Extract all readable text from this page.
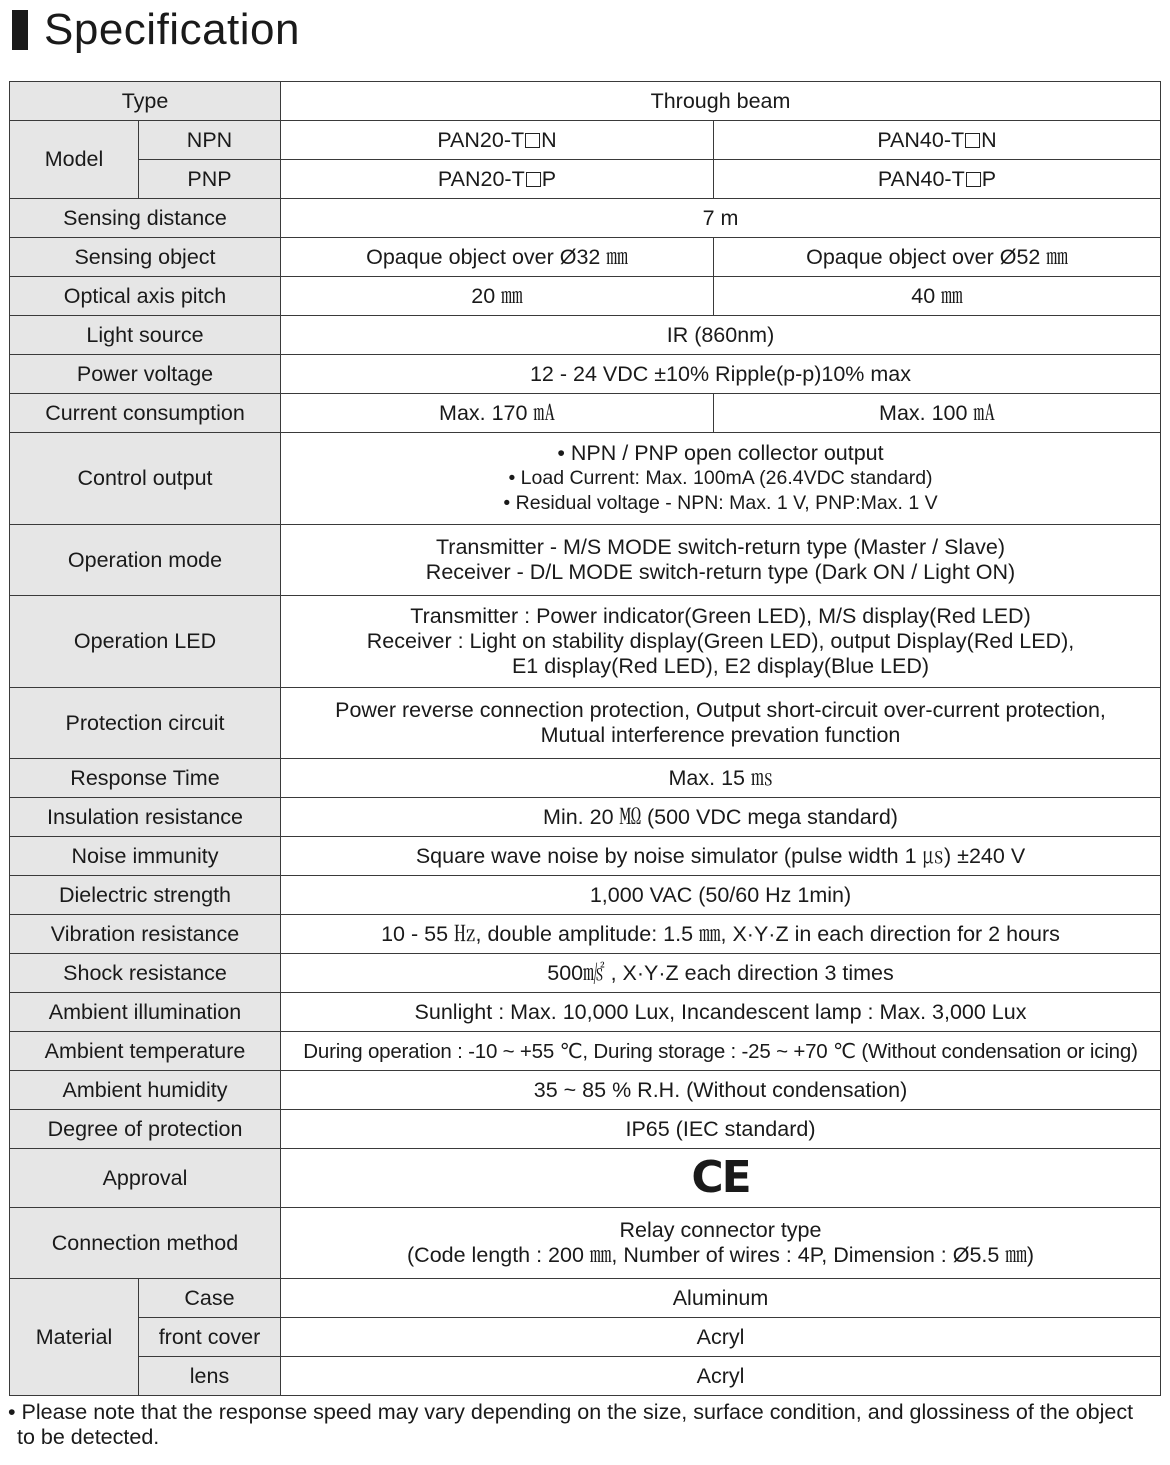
Specification
Type		Through beam	
Model	NPN	PAN20-T N	PAN40-T N
	PNP	PAN20-T P	PAN40-T P
Sensing distance		7 m	
Sensing object		Opaque object over Ø32 ㎜	Opaque object over Ø52 ㎜
Optical axis pitch		20 ㎜	40 ㎜
Light source		IR (860nm)	
Power voltage		12 - 24 VDC ±10% Ripple(p-p)10% max	
Current consumption		Max. 170 ㎃	Max. 100 ㎃
Control output		• NPN / PNP open collector output
• Load Current: Max. 100mA (26.4VDC standard)
• Residual voltage - NPN: Max. 1 V, PNP:Max. 1 V	

Operation mode		Transmitter - M/S MODE switch-return type (Master / Slave)
Receiver - D/L MODE switch-return type (Dark ON / Light ON)	

Operation LED		Transmitter : Power indicator(Green LED), M/S display(Red LED)
Receiver : Light on stability display(Green LED), output Display(Red LED),
E1 display(Red LED), E2 display(Blue LED)	

Protection circuit		Power reverse connection protection, Output short-circuit over-current protection,
Mutual interference prevation function	

Response Time		Max. 15 ㎳	
Insulation resistance		Min. 20 ㏁ (500 VDC mega standard)	
Noise immunity		Square wave noise by noise simulator (pulse width 1 ㎲) ±240 V	
Dielectric strength		1,000 VAC (50/60 Hz 1min)	
Vibration resistance		10 - 55 ㎐, double amplitude: 1.5 ㎜, X·Y·Z in each direction for 2 hours	
Shock resistance		500㎨ , X·Y·Z each direction 3 times	
Ambient illumination		Sunlight : Max. 10,000 Lux, Incandescent lamp : Max. 3,000 Lux	
Ambient temperature		During operation : -10 ~ +55 ℃, During storage : -25 ~ +70 ℃ (Without condensation or icing)	
Ambient humidity		35 ~ 85 % R.H. (Without condensation)	
Degree of protection		IP65 (IEC standard)	
Approval		CE	
Connection method		Relay connector type
(Code length : 200 ㎜, Number of wires : 4P, Dimension : Ø5.5 ㎜)	

Material	Case	Aluminum	
	front cover	Acryl	
	lens	Acryl	
• Please note that the response speed may vary depending on the size, surface condition, and glossiness of the object
to be detected.
